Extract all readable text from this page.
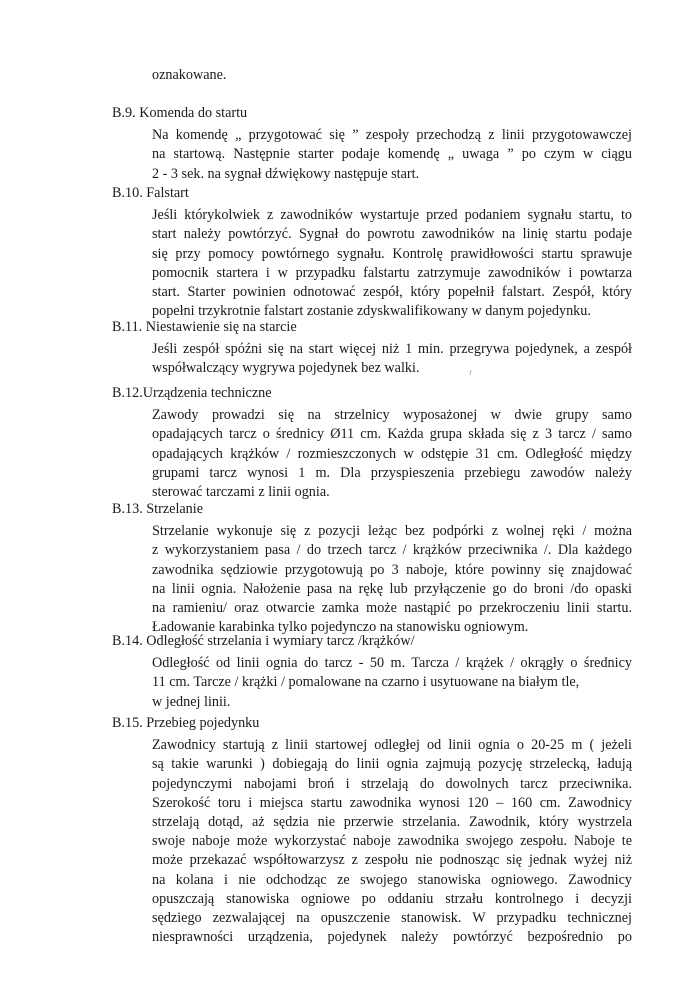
oznakowane.
B.9. Komenda do startu
Na komendę „ przygotować się ” zespoły przechodzą z linii przygotowawczej
na startową. Następnie starter podaje komendę „ uwaga ” po czym w ciągu
2 - 3 sek. na sygnał dźwiękowy następuje start.
B.10. Falstart
Jeśli którykolwiek z zawodników wystartuje przed podaniem sygnału startu, to
start należy powtórzyć. Sygnał do powrotu zawodników na linię startu podaje
się przy pomocy powtórnego sygnału. Kontrolę prawidłowości startu sprawuje
pomocnik startera i w przypadku falstartu zatrzymuje zawodników i powtarza
start. Starter powinien odnotować zespół, który popełnił falstart. Zespół, który
popełni trzykrotnie falstart zostanie zdyskwalifikowany w danym pojedynku.
B.11. Niestawienie się na starcie
Jeśli zespół spóźni się na start więcej niż 1 min. przegrywa pojedynek, a zespół
współwalczący wygrywa pojedynek bez walki.
B.12.Urządzenia techniczne
Zawody prowadzi się na strzelnicy wyposażonej w dwie grupy samo
opadających tarcz o średnicy Ø11 cm. Każda grupa składa się z 3 tarcz / samo
opadających krążków / rozmieszczonych w odstępie 31 cm. Odległość między
grupami tarcz wynosi 1 m. Dla przyspieszenia przebiegu zawodów należy
sterować tarczami z linii ognia.
B.13. Strzelanie
Strzelanie wykonuje się z pozycji leżąc bez podpórki z wolnej ręki / można
z wykorzystaniem pasa / do trzech tarcz / krążków przeciwnika /. Dla każdego
zawodnika sędziowie przygotowują po 3 naboje, które powinny się znajdować
na linii ognia. Nałożenie pasa na rękę lub przyłączenie go do broni /do opaski
na ramieniu/ oraz otwarcie zamka może nastąpić po przekroczeniu linii startu.
Ładowanie karabinka tylko pojedynczo na stanowisku ogniowym.
B.14. Odległość strzelania i wymiary tarcz /krążków/
Odległość od linii ognia do tarcz - 50 m. Tarcza / krążek / okrągły o średnicy
11 cm. Tarcze / krążki / pomalowane na czarno i usytuowane na białym tle,
w jednej linii.
B.15. Przebieg pojedynku
Zawodnicy startują z linii startowej odległej od linii ognia o 20-25 m ( jeżeli
są takie warunki ) dobiegają do linii ognia zajmują pozycję strzelecką, ładują
pojedynczymi nabojami broń i strzelają do dowolnych tarcz przeciwnika.
Szerokość toru i miejsca startu zawodnika wynosi 120 – 160 cm. Zawodnicy
strzelają dotąd, aż sędzia nie przerwie strzelania. Zawodnik, który wystrzela
swoje naboje może wykorzystać naboje zawodnika swojego zespołu. Naboje te
może przekazać współtowarzysz z zespołu nie podnosząc się jednak wyżej niż
na kolana i nie odchodząc ze swojego stanowiska ogniowego. Zawodnicy
opuszczają stanowiska ogniowe po oddaniu strzału kontrolnego i decyzji
sędziego zezwalającej na opuszczenie stanowisk. W przypadku technicznej
niesprawności urządzenia, pojedynek należy powtórzyć bezpośrednio po
